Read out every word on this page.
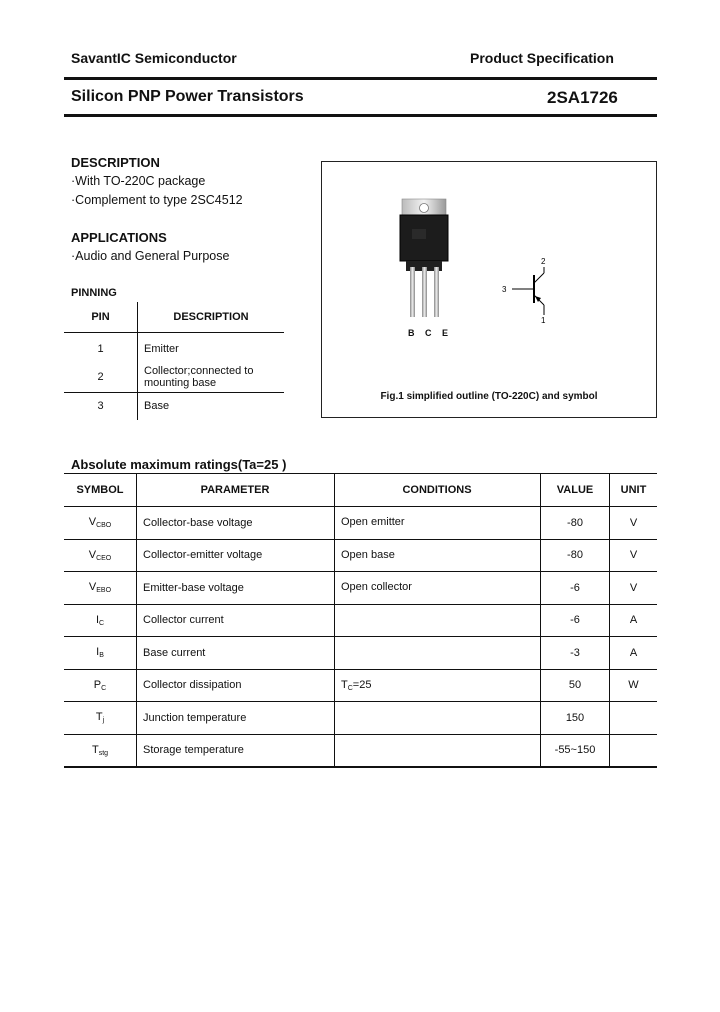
SavantIC Semiconductor	Product Specification
Silicon PNP Power Transistors	2SA1726
DESCRIPTION
·With TO-220C package
·Complement to type 2SC4512
APPLICATIONS
·Audio and General Purpose
PINNING
PIN	DESCRIPTION
1	Emitter
2	Collector;connected to mounting base
3	Base
B C E
2
3
1
Fig.1 simplified outline (TO-220C) and symbol
Absolute maximum ratings(Ta=25 )
SYMBOL	PARAMETER	CONDITIONS	VALUE	UNIT
$V_{CBO}$	Collector-base voltage	Open emitter	-80	V
$V_{CEO}$	Collector-emitter voltage	Open base	-80	V
$V_{EBO}$	Emitter-base voltage	Open collector	-6	V
$I_C$	Collector current		-6	A
$I_B$	Base current		-3	A
$P_C$	Collector dissipation	$T_C=25$	50	W
$T_j$	Junction temperature		150	
$T_{stg}$	Storage temperature		-55~150	
